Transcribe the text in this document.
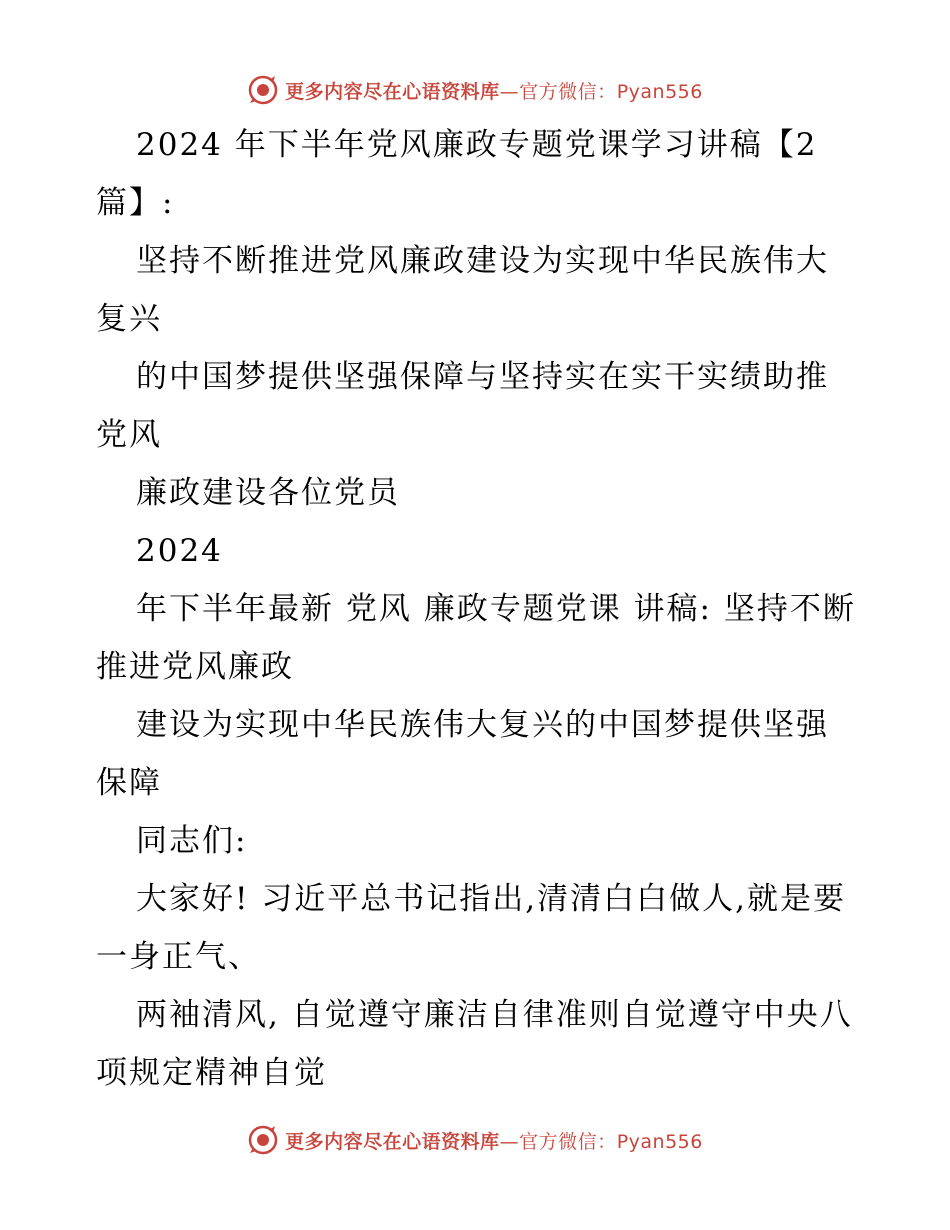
更多内容尽在心语资料库—官方微信：Pyan556

2024 年下半年党风廉政专题党课学习讲稿【2篇】:

坚持不断推进党风廉政建设为实现中华民族伟大复兴

的中国梦提供坚强保障与坚持实在实干实绩助推党风

廉政建设各位党员

2024

年下半年最新 党风 廉政专题党课 讲稿: 坚持不断推进党风廉政

建设为实现中华民族伟大复兴的中国梦提供坚强保障

同志们:

大家好! 习近平总书记指出,清清白白做人,就是要一身正气、

两袖清风, 自觉遵守廉洁自律准则自觉遵守中央八项规定精神自觉

更多内容尽在心语资料库—官方微信：Pyan556
